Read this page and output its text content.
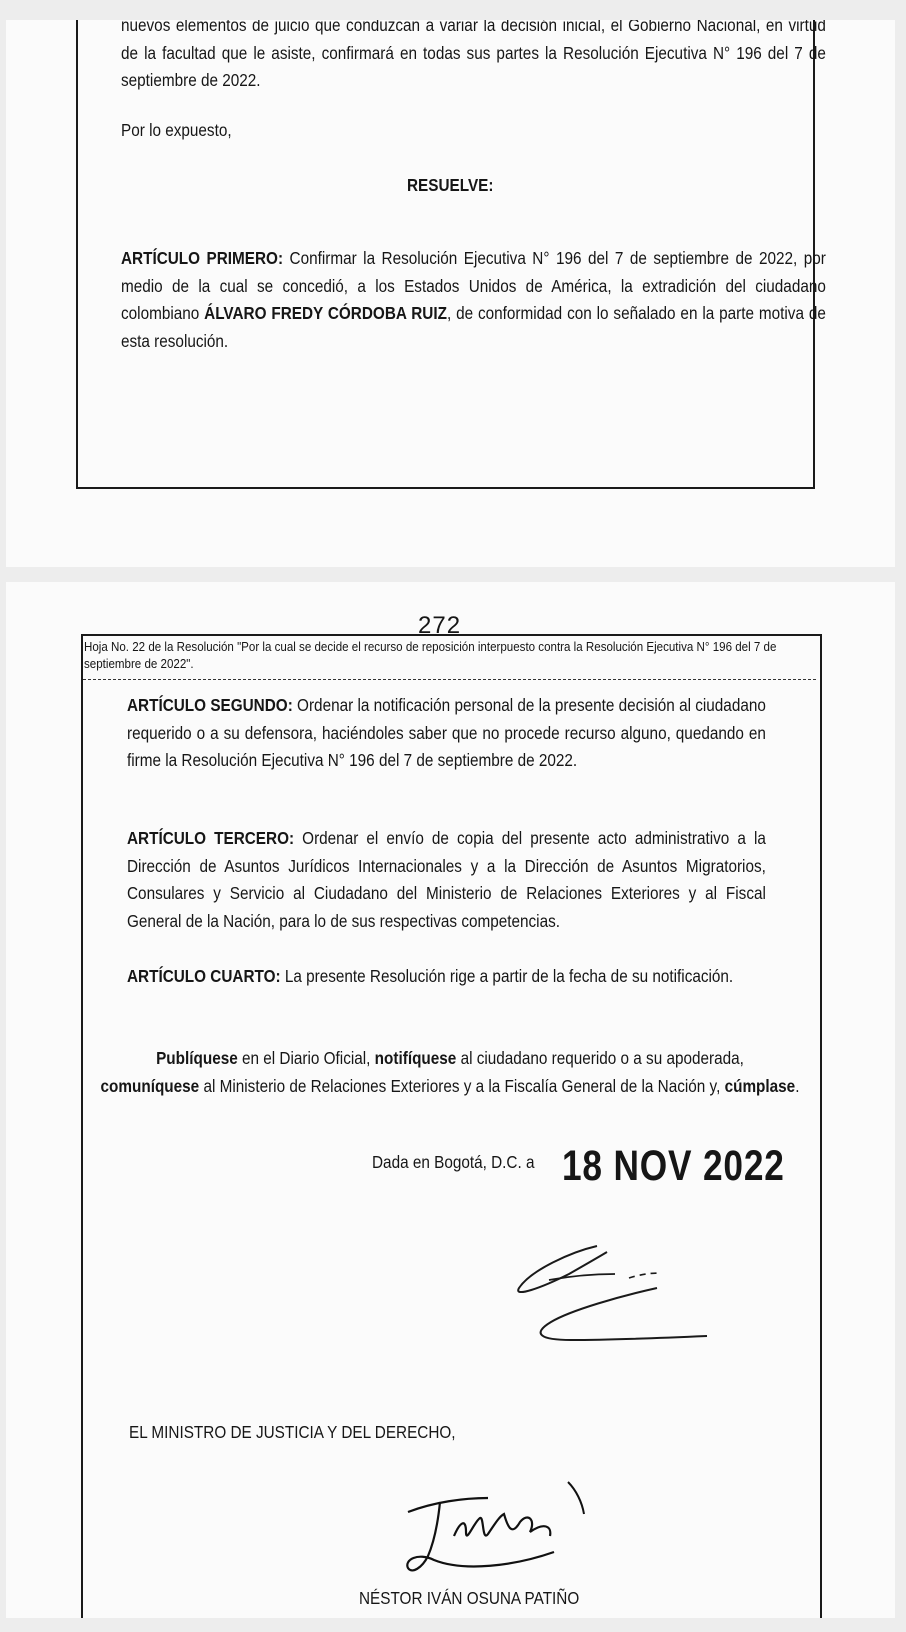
nuevos elementos de juicio que conduzcan a variar la decisión inicial, el Gobierno Nacional, en virtud de la facultad que le asiste, confirmará en todas sus partes la Resolución Ejecutiva N° 196 del 7 de septiembre de 2022.

Por lo expuesto,

RESUELVE:

ARTÍCULO PRIMERO: Confirmar la Resolución Ejecutiva N° 196 del 7 de septiembre de 2022, por medio de la cual se concedió, a los Estados Unidos de América, la extradición del ciudadano colombiano ÁLVARO FREDY CÓRDOBA RUIZ, de conformidad con lo señalado en la parte motiva de esta resolución.

272

Hoja No. 22 de la Resolución "Por la cual se decide el recurso de reposición interpuesto contra la Resolución Ejecutiva N° 196 del 7 de septiembre de 2022".

ARTÍCULO SEGUNDO: Ordenar la notificación personal de la presente decisión al ciudadano requerido o a su defensora, haciéndoles saber que no procede recurso alguno, quedando en firme la Resolución Ejecutiva N° 196 del 7 de septiembre de 2022.

ARTÍCULO TERCERO: Ordenar el envío de copia del presente acto administrativo a la Dirección de Asuntos Jurídicos Internacionales y a la Dirección de Asuntos Migratorios, Consulares y Servicio al Ciudadano del Ministerio de Relaciones Exteriores y al Fiscal General de la Nación, para lo de sus respectivas competencias.

ARTÍCULO CUARTO: La presente Resolución rige a partir de la fecha de su notificación.

Publíquese en el Diario Oficial, notifíquese al ciudadano requerido o a su apoderada,
comuníquese al Ministerio de Relaciones Exteriores y a la Fiscalía General de la Nación y, cúmplase.

Dada en Bogotá, D.C. a 18 NOV 2022
EL MINISTRO DE JUSTICIA Y DEL DERECHO,
NÉSTOR IVÁN OSUNA PATIÑO
